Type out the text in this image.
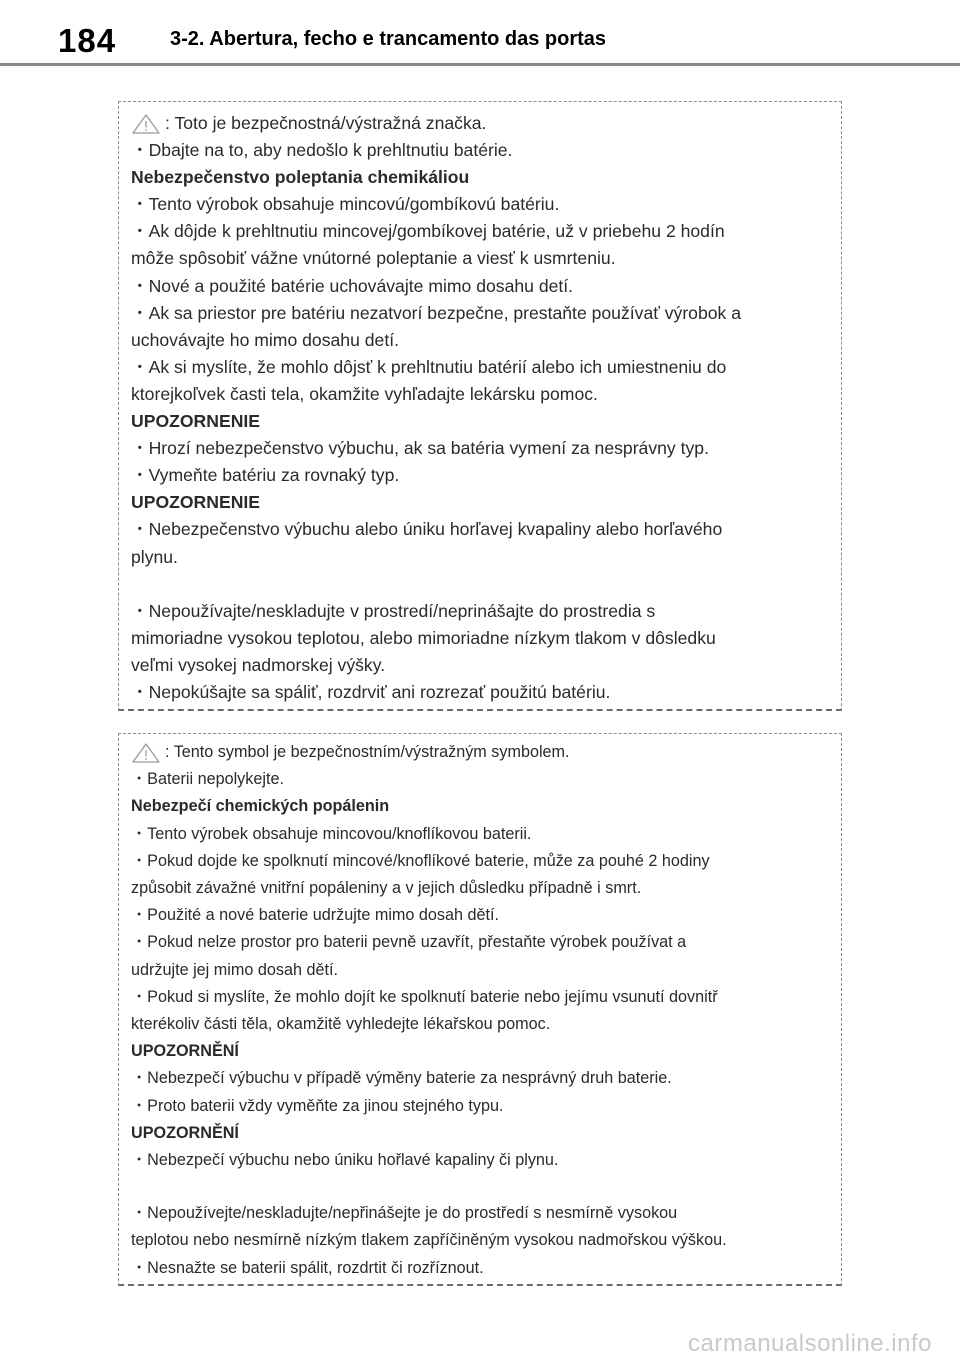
184	3-2. Abertura, fecho e trancamento das portas
: Toto je bezpečnostná/výstražná značka.
・Dbajte na to, aby nedošlo k prehltnutiu batérie.
Nebezpečenstvo poleptania chemikáliou
・Tento výrobok obsahuje mincovú/gombíkovú batériu.
・Ak dôjde k prehltnutiu mincovej/gombíkovej batérie, už v priebehu 2 hodín
môže spôsobiť vážne vnútorné poleptanie a viesť k usmrteniu.
・Nové a použité batérie uchovávajte mimo dosahu detí.
・Ak sa priestor pre batériu nezatvorí bezpečne, prestaňte používať výrobok a
uchovávajte ho mimo dosahu detí.
・Ak si myslíte, že mohlo dôjsť k prehltnutiu batérií alebo ich umiestneniu do
ktorejkoľvek časti tela, okamžite vyhľadajte lekársku pomoc.
UPOZORNENIE
・Hrozí nebezpečenstvo výbuchu, ak sa batéria vymení za nesprávny typ.
・Vymeňte batériu za rovnaký typ.
UPOZORNENIE
・Nebezpečenstvo výbuchu alebo úniku horľavej kvapaliny alebo horľavého
plynu.
・Nepoužívajte/neskladujte v prostredí/neprinášajte do prostredia s
mimoriadne vysokou teplotou, alebo mimoriadne nízkym tlakom v dôsledku
veľmi vysokej nadmorskej výšky.
・Nepokúšajte sa spáliť, rozdrviť ani rozrezať použitú batériu.
: Tento symbol je bezpečnostním/výstražným symbolem.
・Baterii nepolykejte.
Nebezpečí chemických popálenin
・Tento výrobek obsahuje mincovou/knoflíkovou baterii.
・Pokud dojde ke spolknutí mincové/knoflíkové baterie, může za pouhé 2 hodiny
způsobit závažné vnitřní popáleniny a v jejich důsledku případně i smrt.
・Použité a nové baterie udržujte mimo dosah dětí.
・Pokud nelze prostor pro baterii pevně uzavřít, přestaňte výrobek používat a
udržujte jej mimo dosah dětí.
・Pokud si myslíte, že mohlo dojít ke spolknutí baterie nebo jejímu vsunutí dovnitř
kterékoliv části těla, okamžitě vyhledejte lékařskou pomoc.
UPOZORNĚNÍ
・Nebezpečí výbuchu v případě výměny baterie za nesprávný druh baterie.
・Proto baterii vždy vyměňte za jinou stejného typu.
UPOZORNĚNÍ
・Nebezpečí výbuchu nebo úniku hořlavé kapaliny či plynu.
・Nepoužívejte/neskladujte/nepřinášejte je do prostředí s nesmírně vysokou
teplotou nebo nesmírně nízkým tlakem zapříčiněným vysokou nadmořskou výškou.
・Nesnažte se baterii spálit, rozdrtit či rozříznout.
carmanualsonline.info
